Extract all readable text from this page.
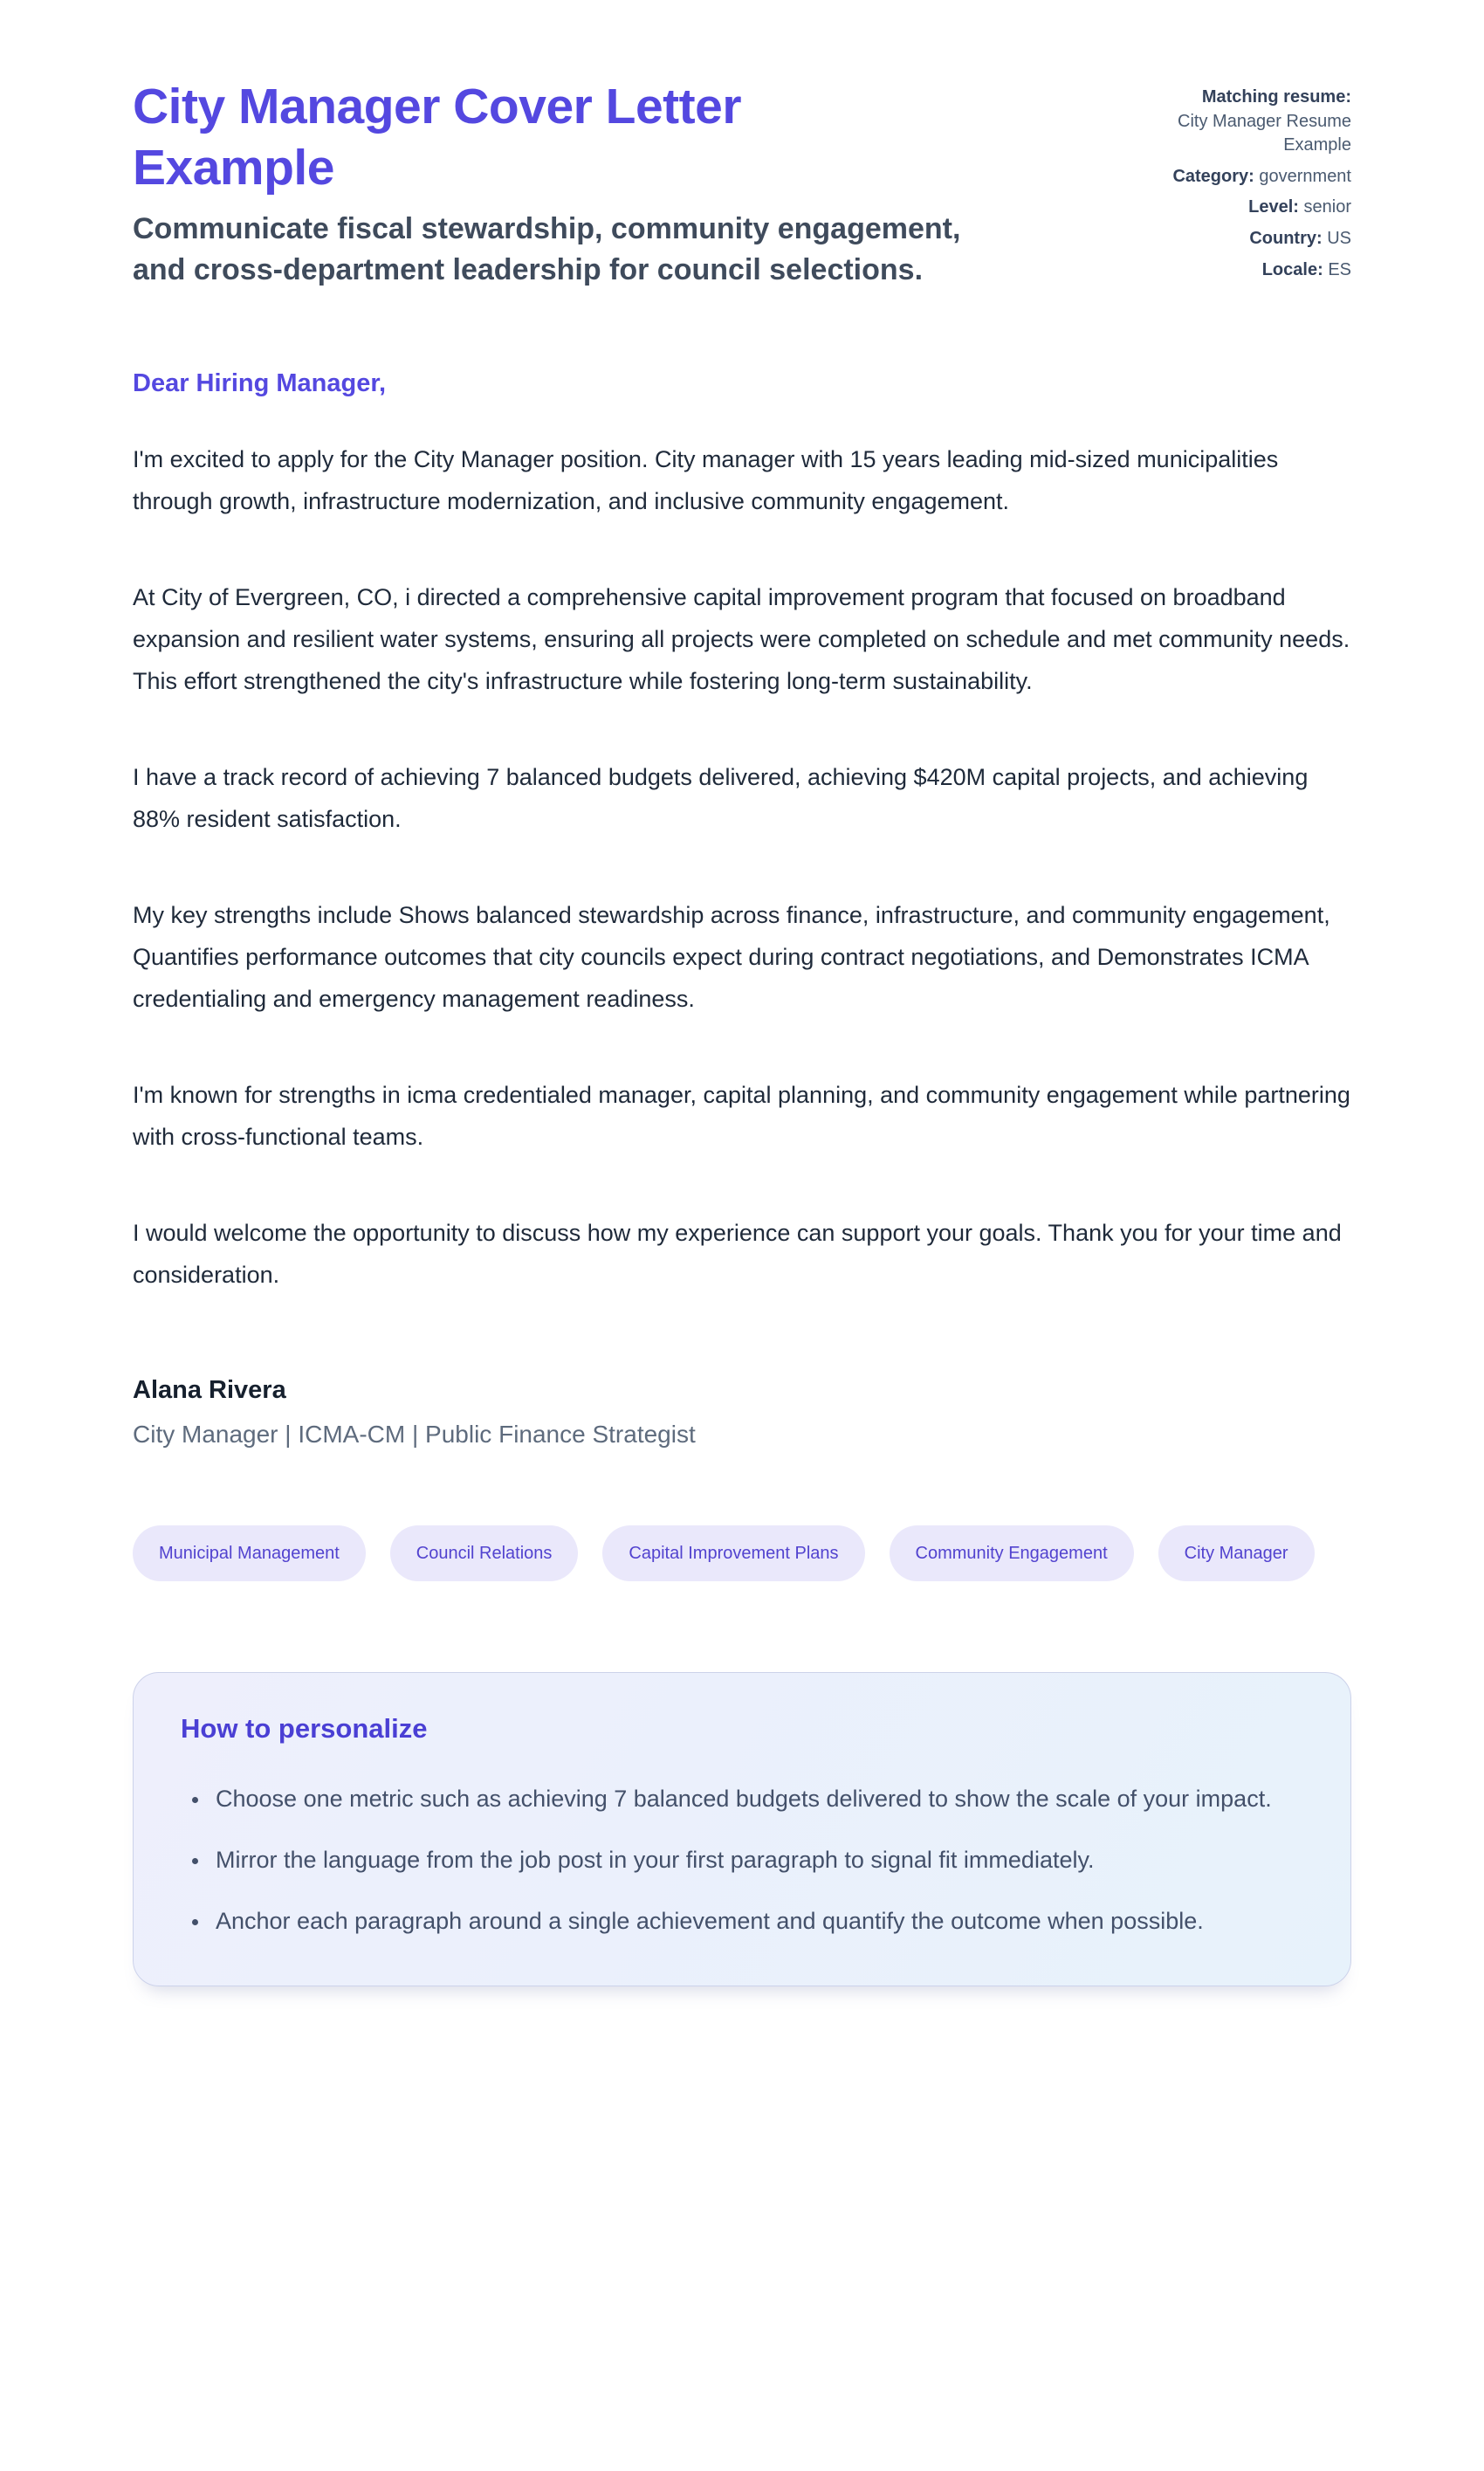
City Manager Cover Letter Example

Communicate fiscal stewardship, community engagement, and cross-department leadership for council selections.

Matching resume:
City Manager Resume Example
Category: government
Level: senior
Country: US
Locale: ES
Dear Hiring Manager,

I'm excited to apply for the City Manager position. City manager with 15 years leading mid-sized municipalities through growth, infrastructure modernization, and inclusive community engagement.

At City of Evergreen, CO, i directed a comprehensive capital improvement program that focused on broadband expansion and resilient water systems, ensuring all projects were completed on schedule and met community needs. This effort strengthened the city's infrastructure while fostering long-term sustainability.

I have a track record of achieving 7 balanced budgets delivered, achieving $420M capital projects, and achieving 88% resident satisfaction.

My key strengths include Shows balanced stewardship across finance, infrastructure, and community engagement, Quantifies performance outcomes that city councils expect during contract negotiations, and Demonstrates ICMA credentialing and emergency management readiness.

I'm known for strengths in icma credentialed manager, capital planning, and community engagement while partnering with cross-functional teams.

I would welcome the opportunity to discuss how my experience can support your goals. Thank you for your time and consideration.

Alana Rivera
City Manager | ICMA-CM | Public Finance Strategist
Municipal Management	Council Relations	Capital Improvement Plans	Community Engagement	City Manager
How to personalize
• Choose one metric such as achieving 7 balanced budgets delivered to show the scale of your impact.
• Mirror the language from the job post in your first paragraph to signal fit immediately.
• Anchor each paragraph around a single achievement and quantify the outcome when possible.
